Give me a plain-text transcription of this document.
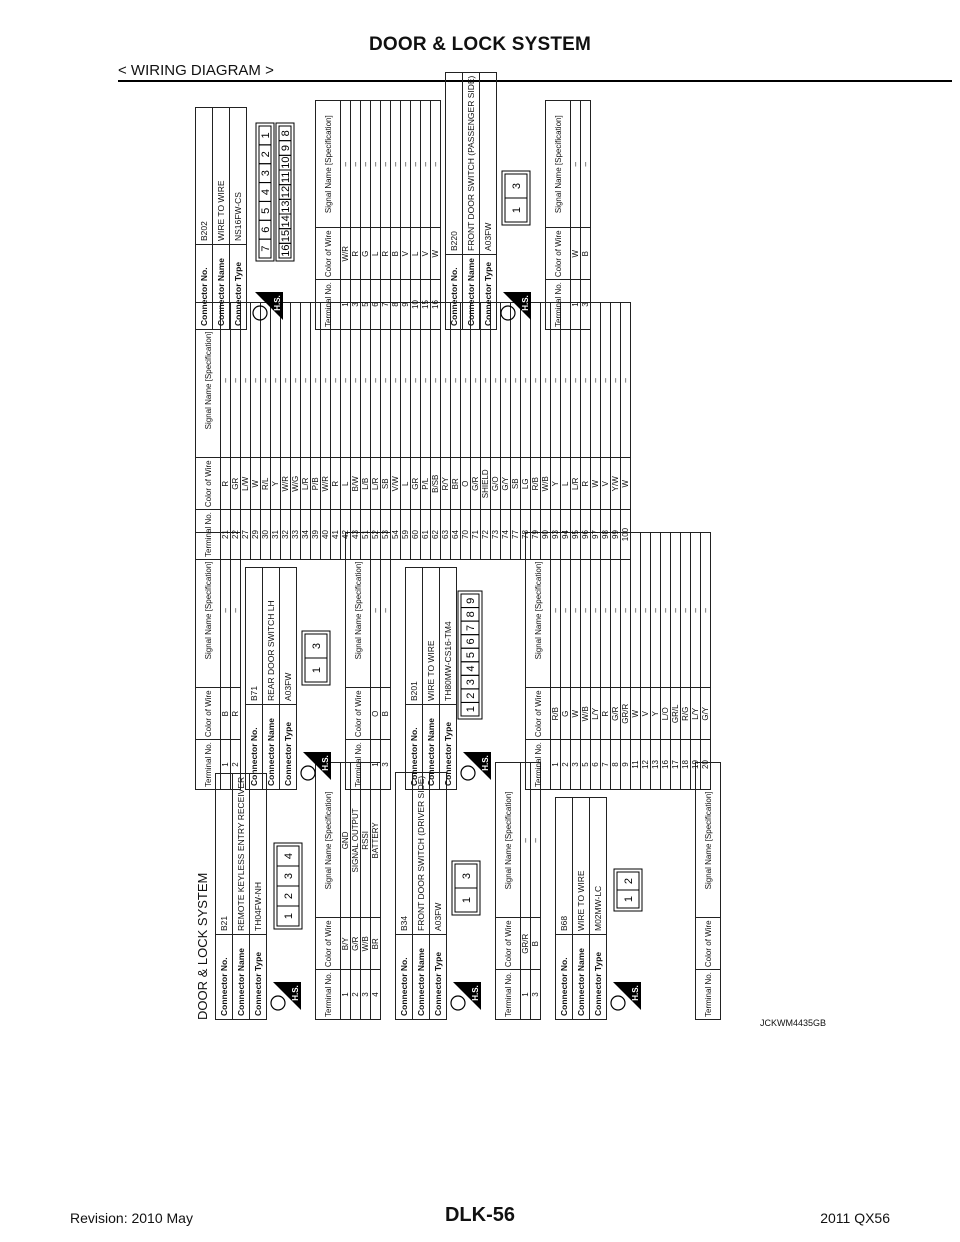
DOOR & LOCK SYSTEM
< WIRING DIAGRAM >
DOOR & LOCK SYSTEM Connector No.	B21
Connector Name	REMOTE KEYLESS ENTRY RECEIVER
Connector Type	TH04FW-NH
H.S.
1
2
3
4
Terminal No.	Color of Wire	Signal Name [Specification]
1	B/Y	GND
2	G/R	SIGNAL OUTPUT
3	W/B	RSSI
4	BR	BATTERY
Connector No.	B34
Connector Name	FRONT DOOR SWITCH (DRIVER SIDE)
Connector Type	A03FW
H.S.
1
3
Terminal No.	Color of Wire	Signal Name [Specification]
1	GR/R	–
3	B	–
Connector No.	B68
Connector Name	WIRE TO WIRE
Connector Type	M02MW-LC
H.S.
1
2
Terminal No.	Color of Wire	Signal Name [Specification]
Terminal No.	Color of Wire	Signal Name [Specification]
1	B	–
2	R	–
Connector No.	B71
Connector Name	REAR DOOR SWITCH LH
Connector Type	A03FW
H.S.
1
3
Terminal No.	Color of Wire	Signal Name [Specification]
1	O	–
3	B	–
Connector No.	B201
Connector Name	WIRE TO WIRE
Connector Type	TH80MW-CS16-TM4
H.S.
1
2
3
4
5
6
7
8
9
Terminal No.	Color of Wire	Signal Name [Specification]
1	R/B	–
2	G	–
3	W	–
5	W/B	–
6	L/Y	–
7	R	–
8	G/R	–
9	GR/R	–
11	W	–
12	V	–
13	Y	–
16	L/O	–
17	GR/L	–
18	R/G	–
19	L/Y	–
20	G/Y	–
Terminal No.	Color of Wire	Signal Name [Specification]
21	R	–
22	GR	–
27	L/W	–
29	W	–
30	R/L	–
31	Y	–
32	W/R	–
33	W/G	–
34	L/R	–
39	P/B	–
40	W/R	–
41	R	–
42	L	–
43	B/W	–
51	L/B	–
52	L/R	–
53	SB	–
54	V/W	–
59	L	–
60	GR	–
61	P/L	–
62	B/SB	–
63	R/Y	–
64	BR	–
70	O	–
71	G/R	–
72	SHIELD	–
73	G/O	–
74	G/Y	–
77	SB	–
78	LG	–
79	R/B	–
90	W/B	–
93	Y	–
94	L	–
95	L/R	–
96	R	–
97	W	–
98	V	–
99	Y/W	–
100	W	–
Connector No.	B202
Connector Name	WIRE TO WIRE
Connector Type	NS16FW-CS
H.S.
7
6
5
4
3
2
1
16
15
14
13
12
11
10
9
8
Terminal No.	Color of Wire	Signal Name [Specification]
1	W/R	–
3	R	–
5	G	–
6	L	–
7	R	–
8	B	–
9	V	–
10	L	–
15	V	–
16	W	–
Connector No.	B220
Connector Name	FRONT DOOR SWITCH (PASSENGER SIDE)
Connector Type	A03FW
H.S.
1
3
Terminal No.	Color of Wire	Signal Name [Specification]
1	W	–
3	B	–
JCKWM4435GB
Revision: 2010 May	DLK-56	2011 QX56
